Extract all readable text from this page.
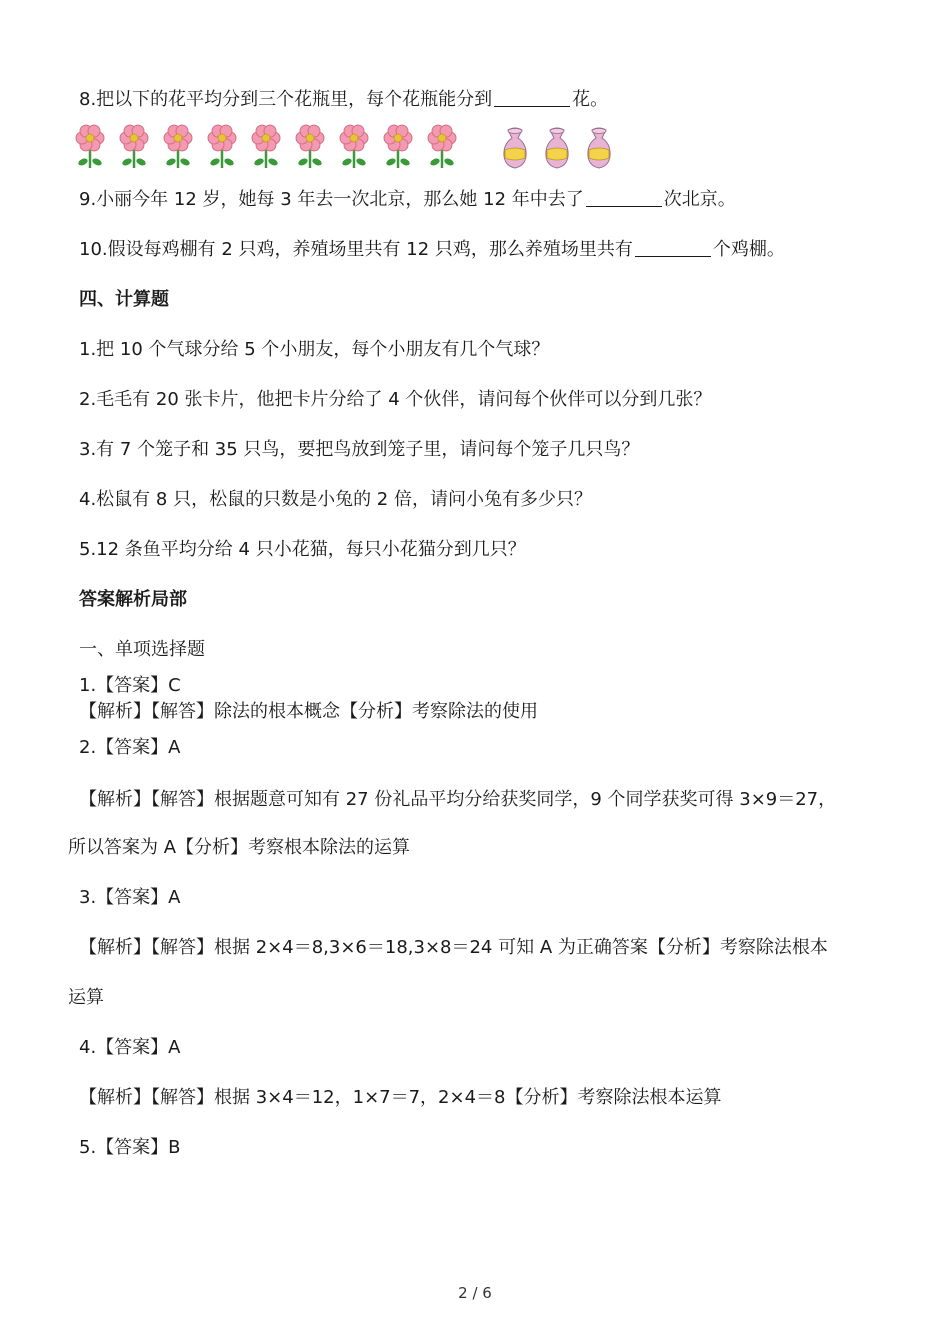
8.把以下的花平均分到三个花瓶里，每个花瓶能分到	花。
9.小丽今年 12 岁，她每 3 年去一次北京，那么她 12 年中去了	次北京。
10.假设每鸡棚有 2 只鸡，养殖场里共有 12 只鸡，那么养殖场里共有	个鸡棚。
四、计算题
1.把 10 个气球分给 5 个小朋友，每个小朋友有几个气球？
2.毛毛有 20 张卡片，他把卡片分给了 4 个伙伴，请问每个伙伴可以分到几张？
3.有 7 个笼子和 35 只鸟，要把鸟放到笼子里，请问每个笼子几只鸟？
4.松鼠有 8 只，松鼠的只数是小兔的 2 倍，请问小兔有多少只？
5.12 条鱼平均分给 4 只小花猫，每只小花猫分到几只？
答案解析局部
一、单项选择题
1.【答案】C
【解析】【解答】除法的根本概念【分析】考察除法的使用
2.【答案】A
【解析】【解答】根据题意可知有 27 份礼品平均分给获奖同学，9 个同学获奖可得 3×9＝27，
所以答案为 A【分析】考察根本除法的运算
3.【答案】A
【解析】【解答】根据 2×4＝8,3×6＝18,3×8＝24 可知 A 为正确答案【分析】考察除法根本
运算
4.【答案】A
【解析】【解答】根据 3×4＝12，1×7＝7，2×4＝8【分析】考察除法根本运算
5.【答案】B
2 / 6
